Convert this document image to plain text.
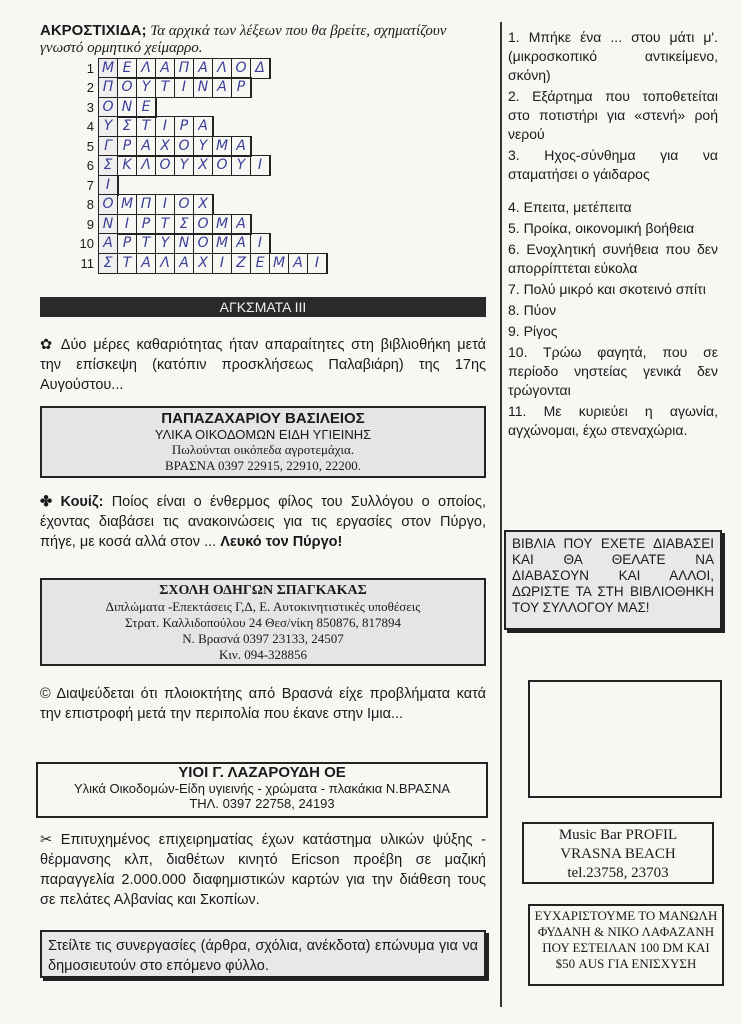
ΑΚΡΟΣΤΙΧΙΔΑ; Τα αρχικά των λέξεων που θα βρείτε, σχηματίζουν γνωστό ορμητικό χείμαρρο.
1 Μ Ε Λ Α Π Α Λ Ο Δ
2 Π Ο Υ Τ Ι Ν Α Ρ
3 Ο Ν Ε
4 Υ Σ Τ Ι Ρ Α
5 Γ Ρ Α Χ Ο Υ Μ Α
6 Σ Κ Λ Ο Υ Χ Ο Υ Ι
7 Ι
8 Ο Μ Π Ι Ο Χ
9 Ν Ι Ρ Τ Σ Ο Μ Α
10 Α Ρ Τ Υ Ν Ο Μ Α Ι
11 Σ Τ Α Λ Α Χ Ι Ζ Ε Μ Α Ι
ΑΓΚΣΜΑΤΑ III
✿ Δύο μέρες καθαριότητας ήταν απαραίτητες στη βιβλιοθήκη μετά την επίσκεψη (κατόπιν προσκλήσεως Παλαβιάρη) της 17ης Αυγούστου...
ΠΑΠΑΖΑΧΑΡΙΟΥ ΒΑΣΙΛΕΙΟΣ
ΥΛΙΚΑ ΟΙΚΟΔΟΜΩΝ ΕΙΔΗ ΥΓΙΕΙΝΗΣ
Πωλούνται οικόπεδα αγροτεμάχια.
ΒΡΑΣΝΑ 0397 22915, 22910, 22200.
✤ Κουίζ: Ποίος είναι ο ένθερμος φίλος του Συλλόγου ο οποίος, έχοντας διαβάσει τις ανακοινώσεις για τις εργασίες στον Πύργο, πήγε, με κοσά αλλά στον ... Λευκό τον Πύργο!
ΣΧΟΛΗ ΟΔΗΓΩΝ ΣΠΑΓΚΑΚΑΣ
Διπλώματα -Επεκτάσεις Γ,Δ, Ε. Αυτοκινητιστικές υποθέσεις
Στρατ. Καλλιδοπούλου 24 Θεσ/νίκη 850876, 817894
Ν. Βρασνά 0397 23133, 24507
Κιν. 094-328856
© Διαψεύδεται ότι πλοιοκτήτης από Βρασνά είχε προβλήματα κατά την επιστροφή μετά την περιπολία που έκανε στην Ιμια...
ΥΙΟΙ Γ. ΛΑΖΑΡΟΥΔΗ ΟΕ
Υλικά Οικοδομών-Είδη υγιεινής - χρώματα - πλακάκια Ν.ΒΡΑΣΝΑ
ΤΗΛ. 0397 22758, 24193
✂ Επιτυχημένος επιχειρηματίας έχων κατάστημα υλικών ψύξης - θέρμανσης κλπ, διαθέτων κινητό Ericson προέβη σε μαζική παραγγελία 2.000.000 διαφημιστικών καρτών για την διάθεση τους σε πελάτες Αλβανίας και Σκοπίων.
Στείλτε τις συνεργασίες (άρθρα, σχόλια, ανέκδοτα) επώνυμα για να δημοσιευτούν στο επόμενο φύλλο.
1. Μπήκε ένα ... στου μάτι μ'. (μικροσκοπικό αντικείμενο, σκόνη)
2. Εξάρτημα που τοποθετείται στο ποτιστήρι για «στενή» ροή νερού
3. Ηχος-σύνθημα για να σταματήσει ο γάιδαρος
4. Επειτα, μετέπειτα
5. Προίκα, οικονομική βοήθεια
6. Ενοχλητική συνήθεια που δεν απορρίπτεται εύκολα
7. Πολύ μικρό και σκοτεινό σπίτι
8. Πύον
9. Ρίγος
10. Τρώω φαγητά, που σε περίοδο νηστείας γενικά δεν τρώγονται
11. Με κυριεύει η αγωνία, αγχώνομαι, έχω στεναχώρια.
ΒΙΒΛΙΑ ΠΟΥ ΕΧΕΤΕ ΔΙΑΒΑΣΕΙ ΚΑΙ ΘΑ ΘΕΛΑΤΕ ΝΑ ΔΙΑΒΑΣΟΥΝ ΚΑΙ ΑΛΛΟΙ, ΔΩΡΙΣΤΕ ΤΑ ΣΤΗ ΒΙΒΛΙΟΘΗΚΗ ΤΟΥ ΣΥΛΛΟΓΟΥ ΜΑΣ!
Music Bar PROFIL
VRASNA BEACH
tel.23758, 23703
ΕΥΧΑΡΙΣΤΟΥΜΕ ΤΟ ΜΑΝΩΛΗ ΦΥΔΑΝΗ & ΝΙΚΟ ΛΑΦΑΖΑΝΗ ΠΟΥ ΕΣΤΕΙΛΑΝ 100 DM ΚΑΙ $50 AUS ΓΙΑ ΕΝΙΣΧΥΣΗ
